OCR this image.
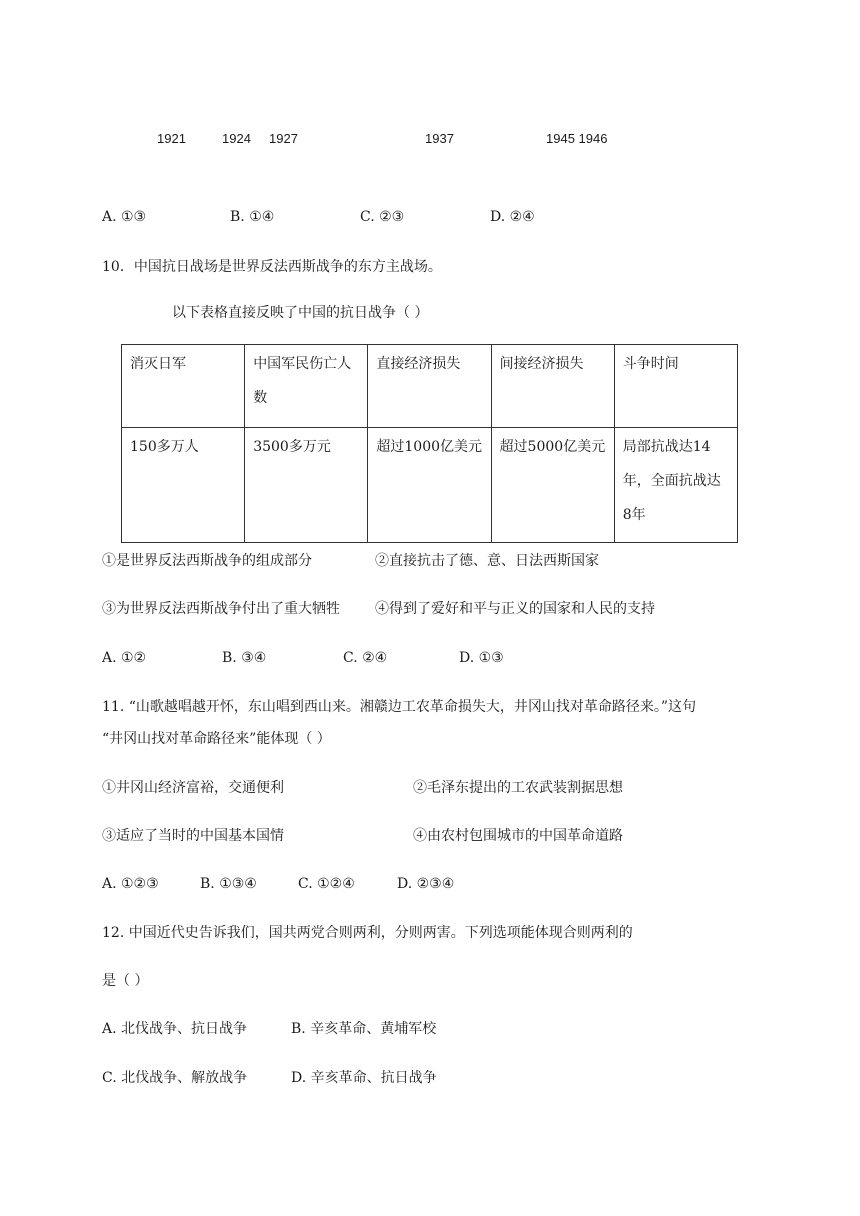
1921	1924 1927	1937	1945 1946
A. ①③	B. ①④	C. ②③	D. ②④
10．中国抗日战场是世界反法西斯战争的东方主战场。
以下表格直接反映了中国的抗日战争（ ）
消灭日军	中国军民伤亡人数	直接经济损失	间接经济损失	斗争时间
150多万人	3500多万元	超过1000亿美元	超过5000亿美元	局部抗战达14年，全面抗战达8年
①是世界反法西斯战争的组成部分	②直接抗击了德、意、日法西斯国家
③为世界反法西斯战争付出了重大牺牲	④得到了爱好和平与正义的国家和人民的支持
A. ①②	B. ③④	C. ②④	D. ①③
11. “山歌越唱越开怀，东山唱到西山来。湘赣边工农革命损失大，井冈山找对革命路径来。”这句
“井冈山找对革命路径来”能体现（ ）
①井冈山经济富裕，交通便利	②毛泽东提出的工农武装割据思想
③适应了当时的中国基本国情	④由农村包围城市的中国革命道路
A. ①②③	B. ①③④	C. ①②④	D. ②③④
12. 中国近代史告诉我们，国共两党合则两利，分则两害。下列选项能体现合则两利的
是（ ）
A. 北伐战争、抗日战争	B. 辛亥革命、黄埔军校
C. 北伐战争、解放战争	D. 辛亥革命、抗日战争
